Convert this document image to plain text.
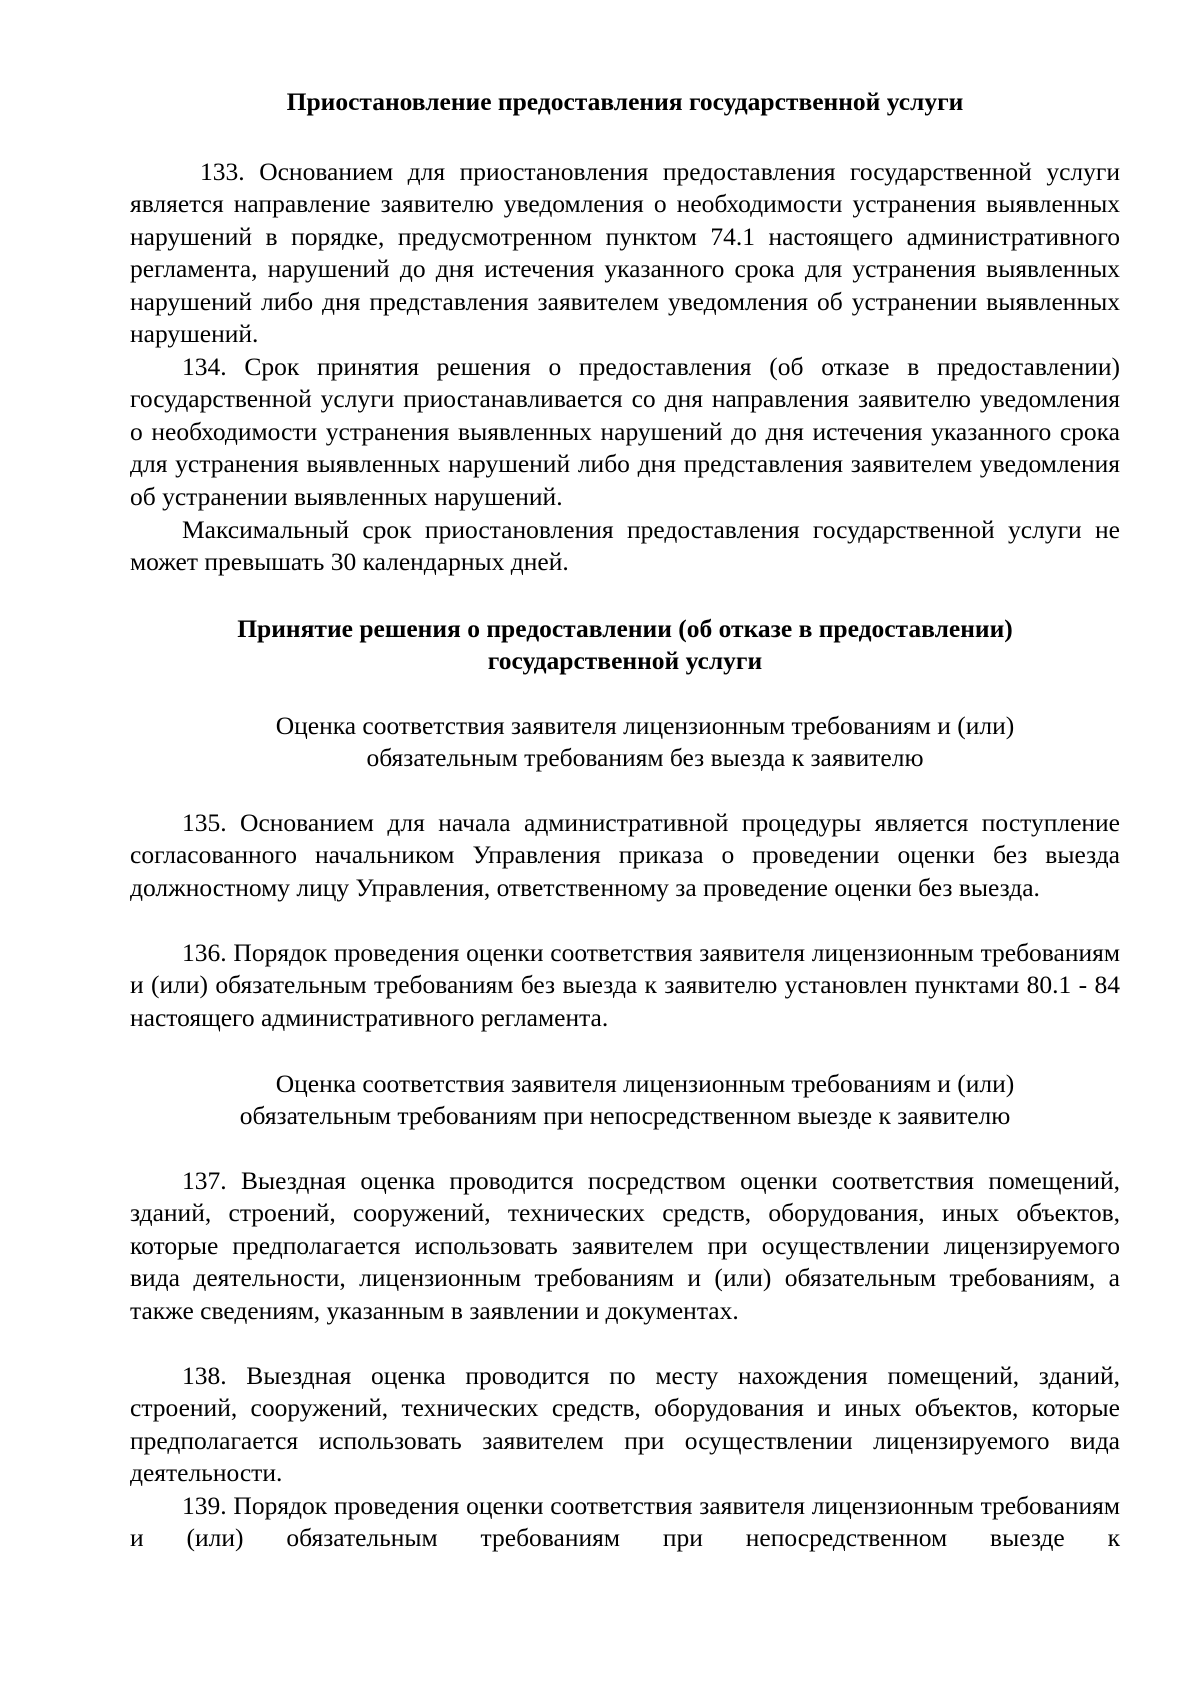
Приостановление предоставления государственной услуги

133. Основанием для приостановления предоставления государственной услуги является направление заявителю уведомления о необходимости устранения выявленных нарушений в порядке, предусмотренном пунктом 74.1 настоящего административного регламента, нарушений до дня истечения указанного срока для устранения выявленных нарушений либо дня представления заявителем уведомления об устранении выявленных нарушений.

134. Срок принятия решения о предоставления (об отказе в предоставлении) государственной услуги приостанавливается со дня направления заявителю уведомления о необходимости устранения выявленных нарушений до дня истечения указанного срока для устранения выявленных нарушений либо дня представления заявителем уведомления об устранении выявленных нарушений.

Максимальный срок приостановления предоставления государственной услуги не может превышать 30 календарных дней.

Принятие решения о предоставлении (об отказе в предоставлении)
государственной услуги
Оценка соответствия заявителя лицензионным требованиям и (или)
обязательным требованиям без выезда к заявителю

135. Основанием для начала административной процедуры является поступление согласованного начальником Управления приказа о проведении оценки без выезда должностному лицу Управления, ответственному за проведение оценки без выезда.

136. Порядок проведения оценки соответствия заявителя лицензионным требованиям и (или) обязательным требованиям без выезда к заявителю установлен пунктами 80.1 - 84 настоящего административного регламента.

Оценка соответствия заявителя лицензионным требованиям и (или)
обязательным требованиям при непосредственном выезде к заявителю

137. Выездная оценка проводится посредством оценки соответствия помещений, зданий, строений, сооружений, технических средств, оборудования, иных объектов, которые предполагается использовать заявителем при осуществлении лицензируемого вида деятельности, лицензионным требованиям и (или) обязательным требованиям, а также сведениям, указанным в заявлении и документах.

138. Выездная оценка проводится по месту нахождения помещений, зданий, строений, сооружений, технических средств, оборудования и иных объектов, которые предполагается использовать заявителем при осуществлении лицензируемого вида деятельности.

139. Порядок проведения оценки соответствия заявителя лицензионным требованиям и (или) обязательным требованиям при непосредственном выезде к
